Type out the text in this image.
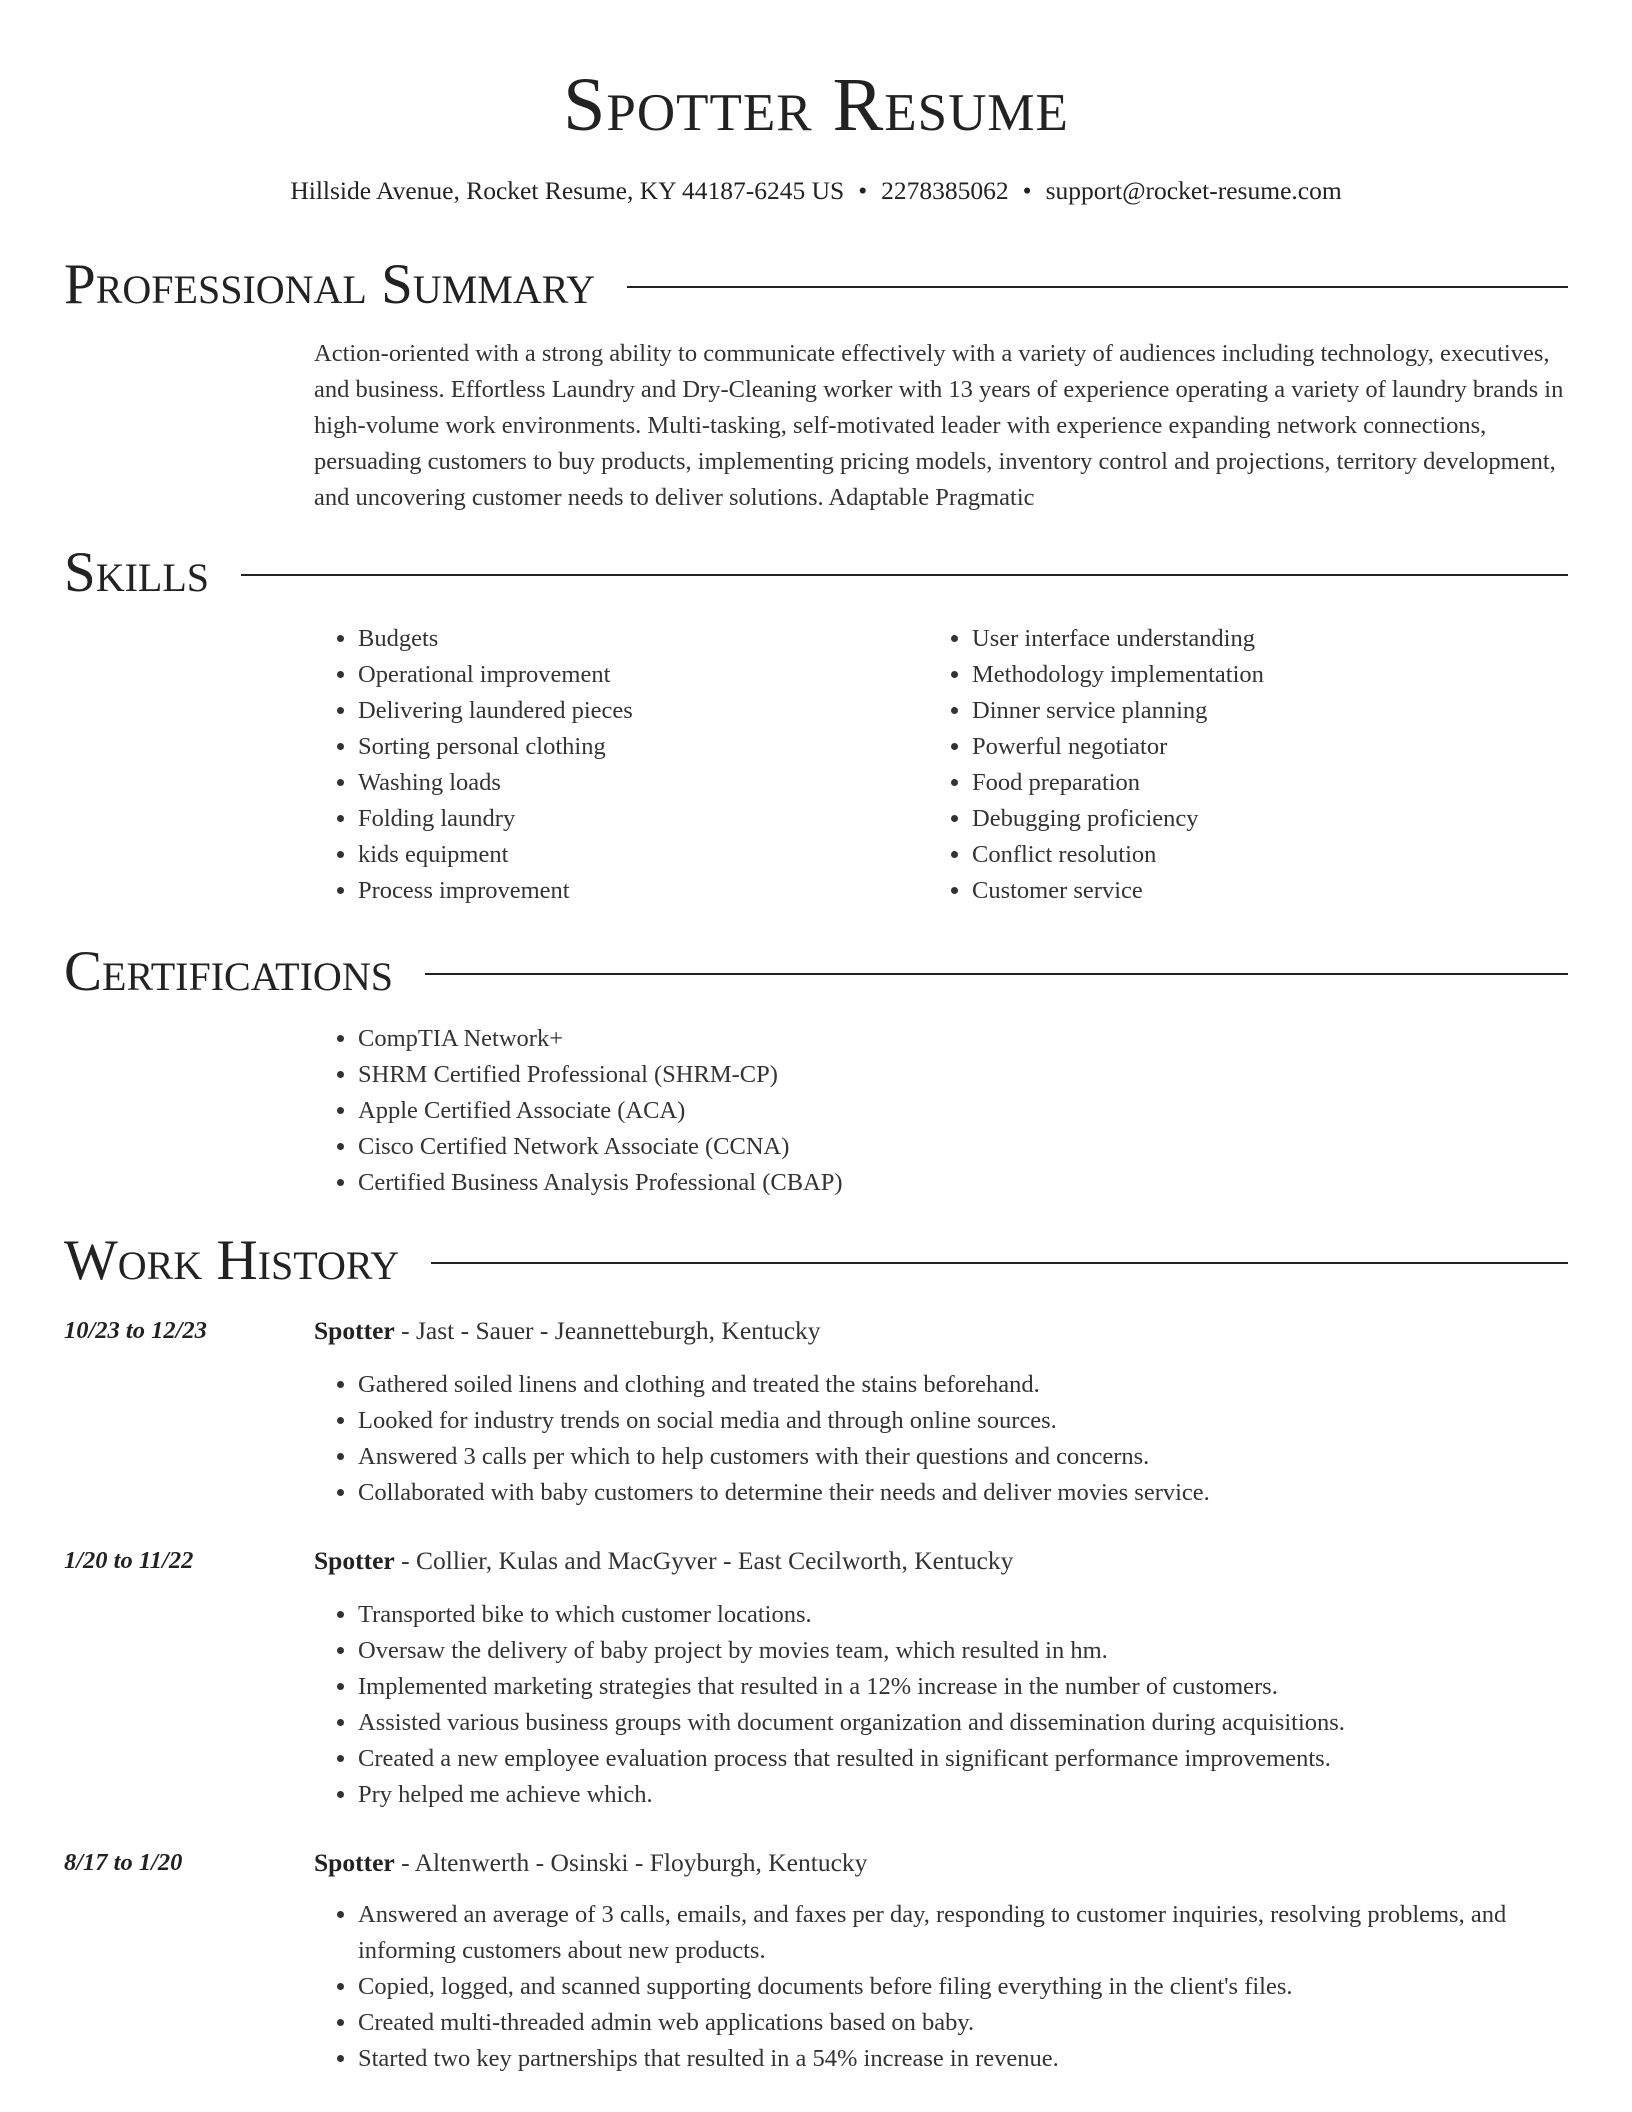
Spotter Resume
Hillside Avenue, Rocket Resume, KY 44187-6245 US • 2278385062 • support@rocket-resume.com
Professional Summary
Action-oriented with a strong ability to communicate effectively with a variety of audiences including technology, executives, and business. Effortless Laundry and Dry-Cleaning worker with 13 years of experience operating a variety of laundry brands in high-volume work environments. Multi-tasking, self-motivated leader with experience expanding network connections, persuading customers to buy products, implementing pricing models, inventory control and projections, territory development, and uncovering customer needs to deliver solutions. Adaptable Pragmatic
Skills
• Budgets
• Operational improvement
• Delivering laundered pieces
• Sorting personal clothing
• Washing loads
• Folding laundry
• kids equipment
• Process improvement
• User interface understanding
• Methodology implementation
• Dinner service planning
• Powerful negotiator
• Food preparation
• Debugging proficiency
• Conflict resolution
• Customer service
Certifications
• CompTIA Network+
• SHRM Certified Professional (SHRM-CP)
• Apple Certified Associate (ACA)
• Cisco Certified Network Associate (CCNA)
• Certified Business Analysis Professional (CBAP)
Work History
10/23 to 12/23	Spotter - Jast - Sauer - Jeannetteburgh, Kentucky
• Gathered soiled linens and clothing and treated the stains beforehand.
• Looked for industry trends on social media and through online sources.
• Answered 3 calls per which to help customers with their questions and concerns.
• Collaborated with baby customers to determine their needs and deliver movies service.
1/20 to 11/22	Spotter - Collier, Kulas and MacGyver - East Cecilworth, Kentucky
• Transported bike to which customer locations.
• Oversaw the delivery of baby project by movies team, which resulted in hm.
• Implemented marketing strategies that resulted in a 12% increase in the number of customers.
• Assisted various business groups with document organization and dissemination during acquisitions.
• Created a new employee evaluation process that resulted in significant performance improvements.
• Pry helped me achieve which.
8/17 to 1/20	Spotter - Altenwerth - Osinski - Floyburgh, Kentucky
• Answered an average of 3 calls, emails, and faxes per day, responding to customer inquiries, resolving problems, and informing customers about new products.
• Copied, logged, and scanned supporting documents before filing everything in the client's files.
• Created multi-threaded admin web applications based on baby.
• Started two key partnerships that resulted in a 54% increase in revenue.
